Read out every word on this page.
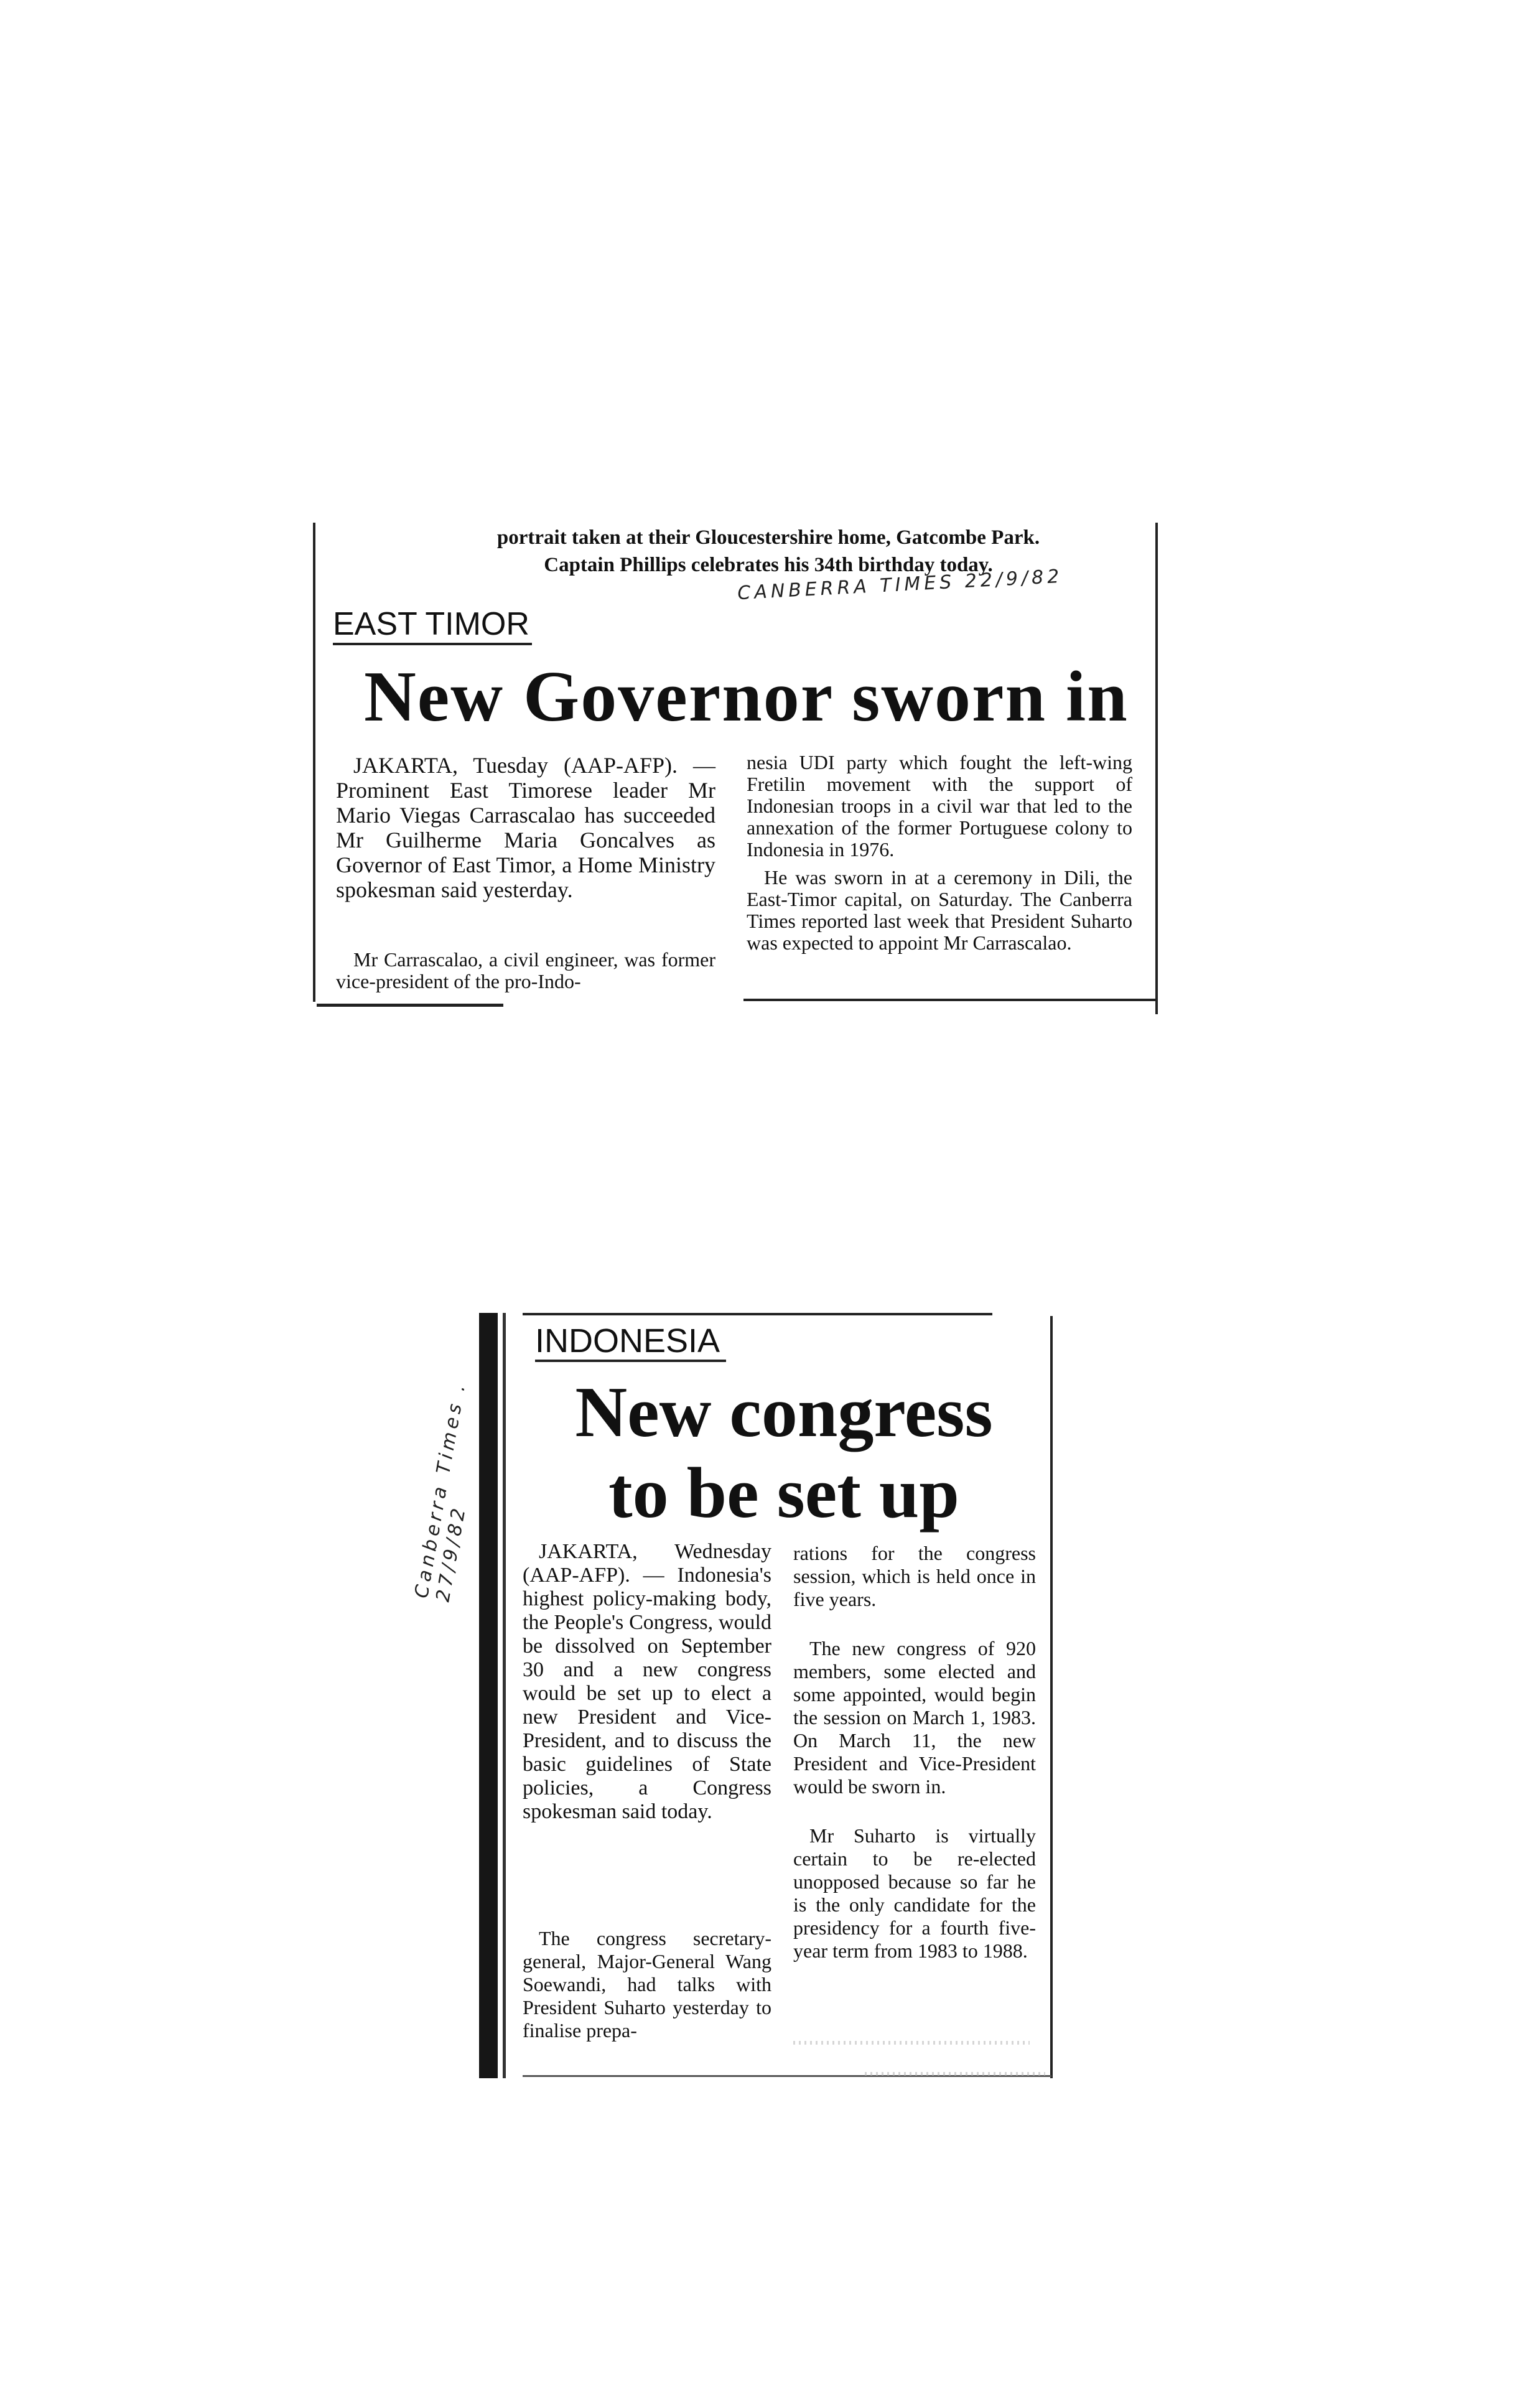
portrait taken at their Gloucestershire home, Gatcombe Park.
Captain Phillips celebrates his 34th birthday today.
CANBERRA TIMES 22/9/82
EAST TIMOR
New Governor sworn in

JAKARTA, Tuesday (AAP-AFP). — Prominent East Timorese leader Mr Mario Viegas Carrascalao has succeeded Mr Guilherme Maria Goncalves as Governor of East Timor, a Home Ministry spokesman said yesterday.

Mr Carrascalao, a civil engineer, was former vice-president of the pro-Indo-

nesia UDI party which fought the left-wing Fretilin movement with the support of Indonesian troops in a civil war that led to the annexation of the former Portuguese colony to Indonesia in 1976.

He was sworn in at a ceremony in Dili, the East-Timor capital, on Saturday. The Canberra Times reported last week that President Suharto was expected to appoint Mr Carrascalao.

Canberra Times . 27/9/82
INDONESIA
New congress
to be set up

JAKARTA, Wednesday (AAP-AFP). — Indonesia's highest policy-making body, the People's Congress, would be dissolved on September 30 and a new congress would be set up to elect a new President and Vice-President, and to discuss the basic guidelines of State policies, a Congress spokesman said today.

The congress secretary-general, Major-General Wang Soewandi, had talks with President Suharto yesterday to finalise prepa-

rations for the congress session, which is held once in five years.

The new congress of 920 members, some elected and some appointed, would begin the session on March 1, 1983. On March 11, the new President and Vice-President would be sworn in.

Mr Suharto is virtually certain to be re-elected unopposed because so far he is the only candidate for the presidency for a fourth five-year term from 1983 to 1988.
